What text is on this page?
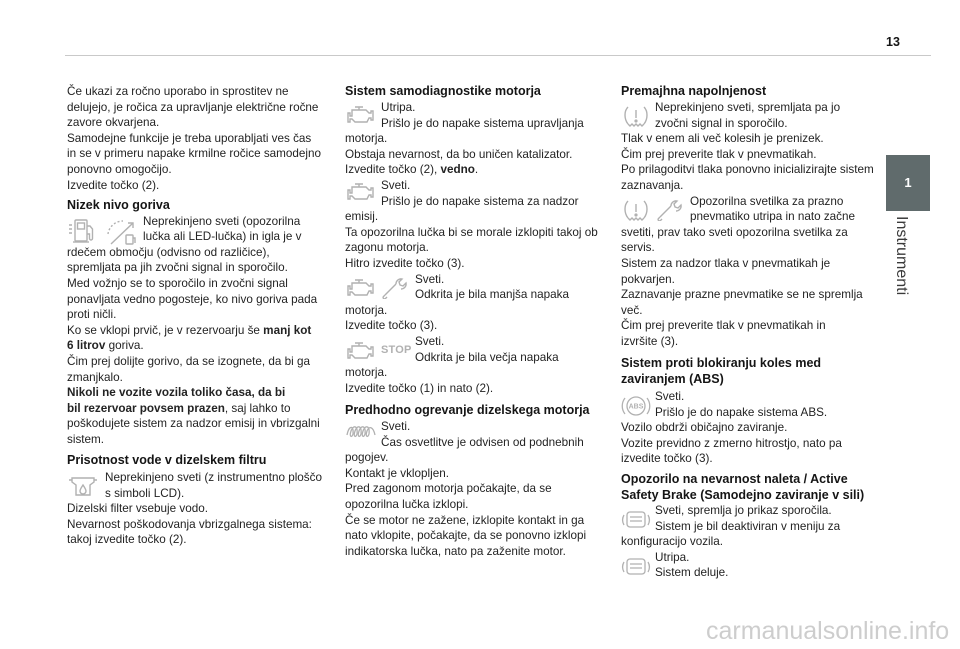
13
1
Instrumenti
Če ukazi za ročno uporabo in sprostitev ne
delujejo, je ročica za upravljanje električne ročne
zavore okvarjena.
Samodejne funkcije je treba uporabljati ves čas
in se v primeru napake krmilne ročice samodejno
ponovno omogočijo.
Izvedite točko (2).
Nizek nivo goriva
Neprekinjeno sveti (opozorilna
lučka ali LED-lučka) in igla je v
rdečem območju (odvisno od različice),
spremljata pa jih zvočni signal in sporočilo.
Med vožnjo se to sporočilo in zvočni signal
ponavljata vedno pogosteje, ko nivo goriva pada
proti ničli.
Ko se vklopi prvič, je v rezervoarju še manj kot
6 litrov goriva.
Čim prej dolijte gorivo, da se izognete, da bi ga
zmanjkalo.
Nikoli ne vozite vozila toliko časa, da bi
bil rezervoar povsem prazen, saj lahko to
poškodujete sistem za nadzor emisij in vbrizgalni
sistem.
Prisotnost vode v dizelskem filtru
Neprekinjeno sveti (z instrumentno ploščo
s simboli LCD).
Dizelski filter vsebuje vodo.
Nevarnost poškodovanja vbrizgalnega sistema:
takoj izvedite točko (2).
Sistem samodiagnostike motorja
STOP
Utripa.
Prišlo je do napake sistema upravljanja
motorja.
Obstaja nevarnost, da bo uničen katalizator.
Izvedite točko (2), vedno.
Sveti.
Prišlo je do napake sistema za nadzor
emisij.
Ta opozorilna lučka bi se morale izklopiti takoj ob
zagonu motorja.
Hitro izvedite točko (3).
Sveti.
Odkrita je bila manjša napaka
motorja.
Izvedite točko (3).
Sveti.
Odkrita je bila večja napaka
motorja.
Izvedite točko (1) in nato (2).
Predhodno ogrevanje dizelskega motorja
Sveti.
Čas osvetlitve je odvisen od podnebnih
pogojev.
Kontakt je vklopljen.
Pred zagonom motorja počakajte, da se
opozorilna lučka izklopi.
Če se motor ne zažene, izklopite kontakt in ga
nato vklopite, počakajte, da se ponovno izklopi
indikatorska lučka, nato pa zaženite motor.
Premajhna napolnjenost
Neprekinjeno sveti, spremljata pa jo
zvočni signal in sporočilo.
Tlak v enem ali več kolesih je prenizek.
Čim prej preverite tlak v pnevmatikah.
Po prilagoditvi tlaka ponovno inicializirajte sistem
zaznavanja.
Opozorilna svetilka za prazno
pnevmatiko utripa in nato začne
svetiti, prav tako sveti opozorilna svetilka za
servis.
Sistem za nadzor tlaka v pnevmatikah je
pokvarjen.
Zaznavanje prazne pnevmatike se ne spremlja
več.
Čim prej preverite tlak v pnevmatikah in
izvršite (3).
Sistem proti blokiranju koles med
zaviranjem (ABS)
ABS
Sveti.
Prišlo je do napake sistema ABS.
Vozilo obdrži običajno zaviranje.
Vozite previdno z zmerno hitrostjo, nato pa
izvedite točko (3).
Opozorilo na nevarnost naleta / Active
Safety Brake (Samodejno zaviranje v sili)
Sveti, spremlja jo prikaz sporočila.
Sistem je bil deaktiviran v meniju za
konfiguracijo vozila.
Utripa.
Sistem deluje.
carmanualsonline.info
